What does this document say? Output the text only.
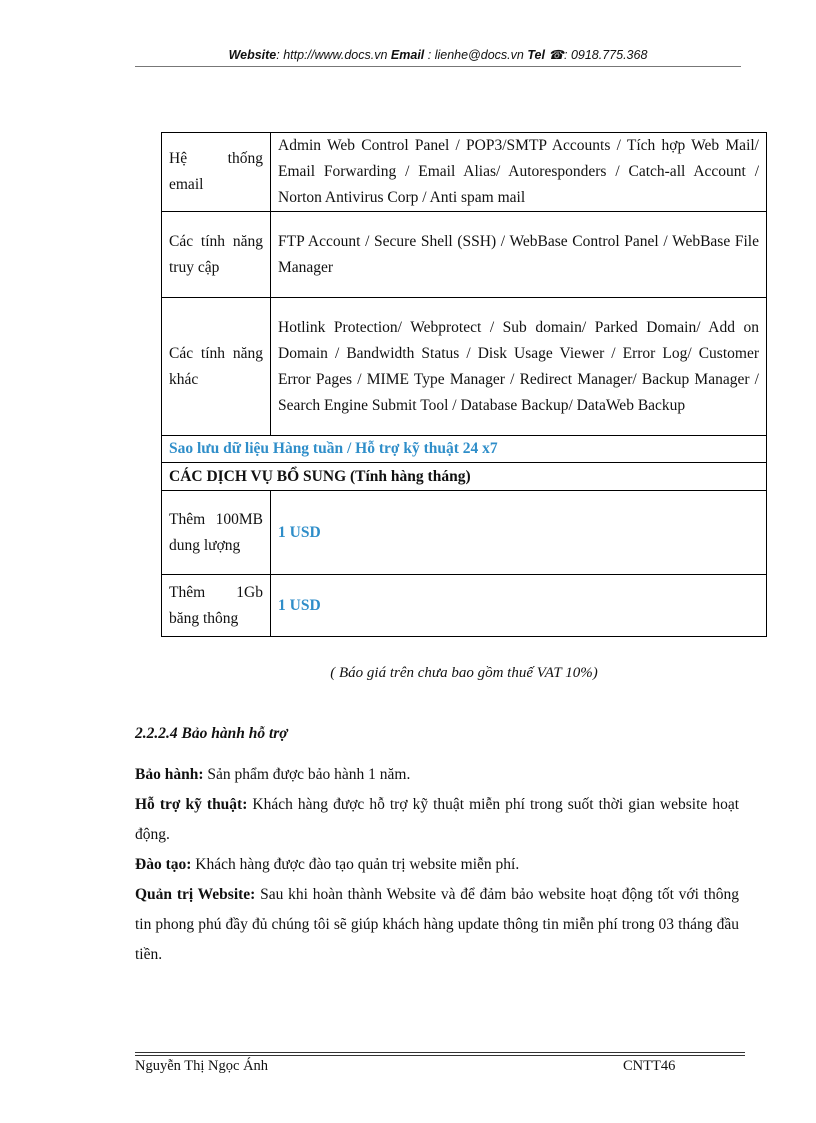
Website: http://www.docs.vn Email : lienhe@docs.vn Tel ☎: 0918.775.368
Hệ thống email	Admin Web Control Panel / POP3/SMTP Accounts / Tích hợp Web Mail/ Email Forwarding / Email Alias/ Autoresponders / Catch-all Account / Norton Antivirus Corp / Anti spam mail
Các tính năng truy cập	FTP Account / Secure Shell (SSH) / WebBase Control Panel / WebBase File Manager
Các tính năng khác	Hotlink Protection/ Webprotect / Sub domain/ Parked Domain/ Add on Domain / Bandwidth Status / Disk Usage Viewer / Error Log/ Customer Error Pages / MIME Type Manager / Redirect Manager/ Backup Manager / Search Engine Submit Tool / Database Backup/ DataWeb Backup
Sao lưu dữ liệu Hàng tuần / Hỗ trợ kỹ thuật 24 x7	
CÁC DỊCH VỤ BỔ SUNG (Tính hàng tháng)	
Thêm 100MB dung lượng	1 USD
Thêm 1Gb băng thông	1 USD
( Báo giá trên chưa bao gồm thuế VAT 10%)
2.2.2.4 Bảo hành hỗ trợ
Bảo hành: Sản phẩm được bảo hành 1 năm.
Hỗ trợ kỹ thuật: Khách hàng được hỗ trợ kỹ thuật miễn phí trong suốt thời gian website hoạt động.
Đào tạo: Khách hàng được đào tạo quản trị website miễn phí.
Quản trị Website: Sau khi hoàn thành Website và để đảm bảo website hoạt động tốt với thông tin phong phú đầy đủ chúng tôi sẽ giúp khách hàng update thông tin miễn phí trong 03 tháng đầu tiền.
Nguyễn Thị Ngọc Ánh	CNTT46
